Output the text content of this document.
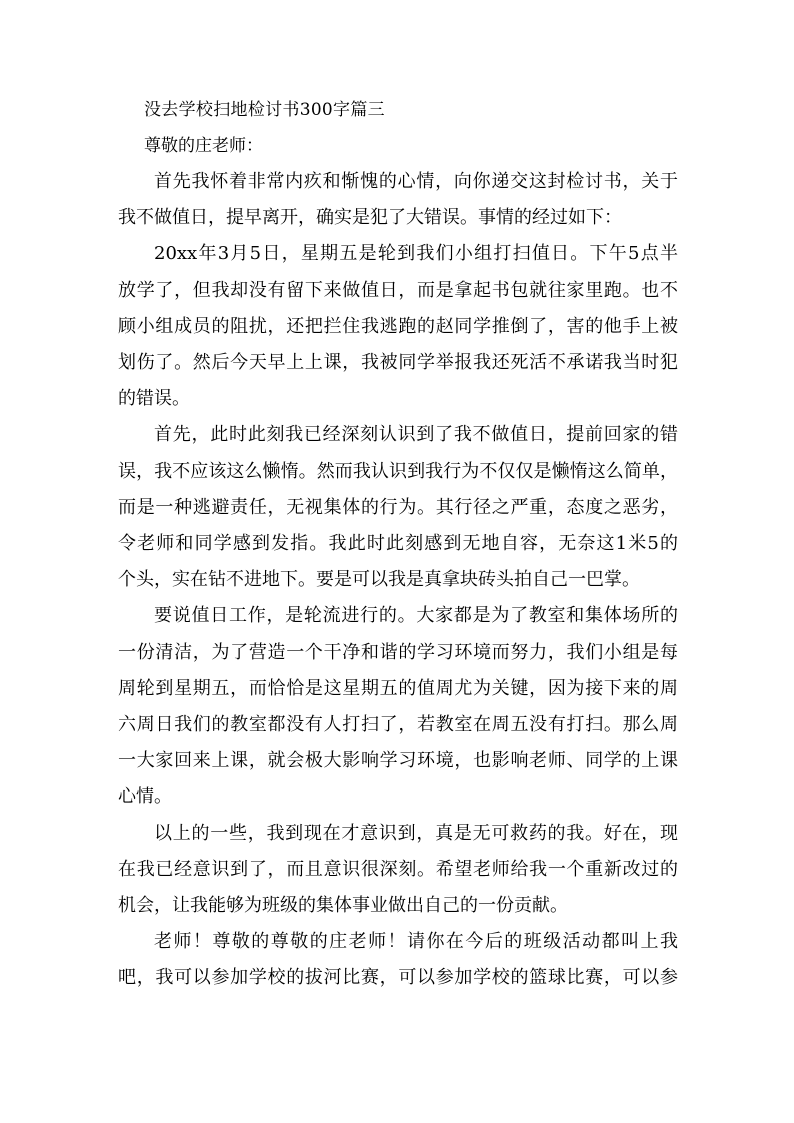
没去学校扫地检讨书300字篇三
尊敬的庄老师：
首先我怀着非常内疚和惭愧的心情，向你递交这封检讨书，关于
我不做值日，提早离开，确实是犯了大错误。事情的经过如下：
20xx年3月5日，星期五是轮到我们小组打扫值日。下午5点半
放学了，但我却没有留下来做值日，而是拿起书包就往家里跑。也不
顾小组成员的阻扰，还把拦住我逃跑的赵同学推倒了，害的他手上被
划伤了。然后今天早上上课，我被同学举报我还死活不承诺我当时犯
的错误。
首先，此时此刻我已经深刻认识到了我不做值日，提前回家的错
误，我不应该这么懒惰。然而我认识到我行为不仅仅是懒惰这么简单，
而是一种逃避责任，无视集体的行为。其行径之严重，态度之恶劣，
令老师和同学感到发指。我此时此刻感到无地自容，无奈这1米5的
个头，实在钻不进地下。要是可以我是真拿块砖头拍自己一巴掌。
要说值日工作，是轮流进行的。大家都是为了教室和集体场所的
一份清洁，为了营造一个干净和谐的学习环境而努力，我们小组是每
周轮到星期五，而恰恰是这星期五的值周尤为关键，因为接下来的周
六周日我们的教室都没有人打扫了，若教室在周五没有打扫。那么周
一大家回来上课，就会极大影响学习环境，也影响老师、同学的上课
心情。
以上的一些，我到现在才意识到，真是无可救药的我。好在，现
在我已经意识到了，而且意识很深刻。希望老师给我一个重新改过的
机会，让我能够为班级的集体事业做出自己的一份贡献。
老师！尊敬的尊敬的庄老师！请你在今后的班级活动都叫上我
吧，我可以参加学校的拔河比赛，可以参加学校的篮球比赛，可以参
